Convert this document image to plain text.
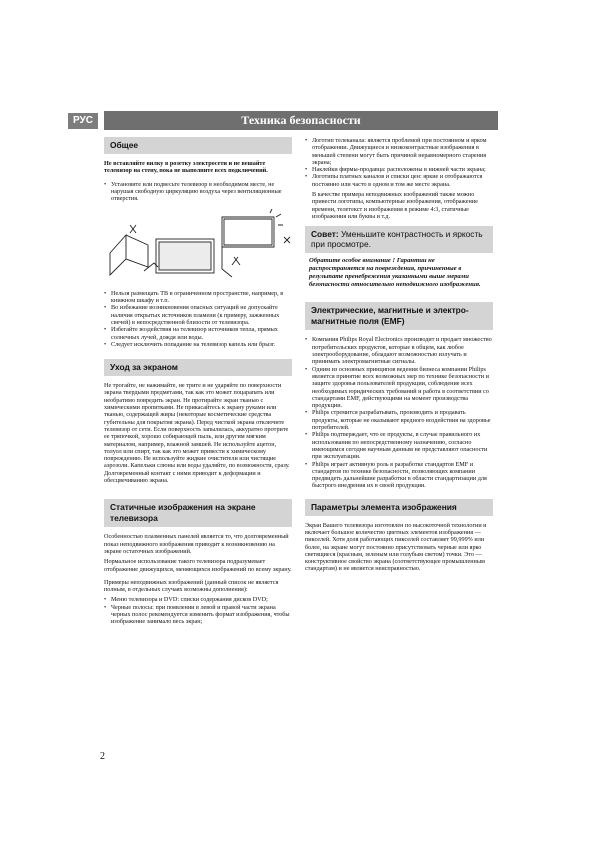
РУС	Техника безопасности
Общее

Не вставляйте вилку в розетку электросети и не вешайте телевизор на стену, пока не выполните всех подключений.

• Установите или подвесьте телевизор в необходимом месте, не нарушая свободную циркуляцию воздуха через вентиляционные отверстия.
• Нельзя размещать ТВ в ограниченном пространстве, например, в книжном шкафу и т.п.
• Во избежание возникновения опасных ситуаций не допускайте наличия открытых источников пламени (к примеру, зажженных свечей) в непосредственной близости от телевизора.
• Избегайте воздействия на телевизор источников тепла, прямых солнечных лучей, дождя или воды.
• Следует исключить попадание на телевизор капель или брызг.
Уход за экраном

Не трогайте, не нажимайте, не трите и не ударяйте по поверхности экрана твердыми предметами, так как это может поцарапать или необратимо повредить экран. Не протирайте экран тканью с химическими пропитками. Не прикасайтесь к экрану руками или тканью, содержащей жиры (некоторые косметические средства губительны для покрытия экрана). Перед чисткой экрана отключите телевизор от сети. Если поверхность запылилась, аккуратно протрите ее тряпочкой, хорошо собирающей пыль, или другим мягким материалом, например, влажной замшей. Не используйте ацетон, толуол или спирт, так как это может привести к химическому повреждению. Не используйте жидкие очистители или чистящие аэрозоли. Капельки слюны или воды удаляйте, по возможности, сразу. Долговременный контакт с ними приводит к деформации и обесцвечиванию экрана.

Статичные изображения на экране телевизора

Особенностью плазменных панелей является то, что долговременный показ неподвижного изображения приводит к возникновению на экране остаточных изображений.

Нормальное использование такого телевизора подразумевает отображение движущихся, меняющихся изображений по всему экрану.

Примеры неподвижных изображений (данный список не является полным, в отдельных случаях возможны дополнения):

• Меню телевизора и DVD: списки содержания дисков DVD;
• Черные полосы: при появлении в левой и правой части экрана черных полос рекомендуется изменить формат изображения, чтобы изображение занимало весь экран;
• Логотип телеканала: является проблемой при постоянном и ярком отображении. Движущиеся и низкоконтрастные изображения в меньшей степени могут быть причиной неравномерного старения экрана;
• Наклейки фирмы-продавца: расположены в нижней части экрана;
• Логотипы платных каналов и списки цен: яркие и отображаются постоянно или часто в одном и том же месте экрана.

В качестве примера неподвижных изображений также можно привести логотипы, компьютерные изображения, отображение времени, телетекст и изображения в режиме 4:3, статичные изображения или буквы и т.д.

Совет: Уменьшите контрастность и яркость при просмотре.

Обратите особое внимание ! Гарантии не распространяется на повреждения, причиненные в результате пренебрежения указанными выше мерами безопасности относительно неподвижного изображения.

Электрические, магнитные и электро-магнитные поля (EMF)
• Компания Philips Royal Electronics производит и продает множество потребительских продуктов, которые в общем, как любое электрооборудование, обладают возможностью излучать и принимать электромагнитные сигналы.
• Одним из основных принципов ведения бизнеса компании Philips является принятие всех возможных мер по технике безопасности и защите здоровья пользователей продукции, соблюдение всех необходимых юридических требований и работа в соответствии со стандартами EMF, действующими на момент производства продукции.
• Philips стремится разрабатывать, производить и продавать продукты, которые не оказывают вредного воздействия на здоровье потребителей.
• Philips подтверждает, что ее продукты, в случае правильного их использования по непосредственному назначению, согласно имеющимся сегодня научным данным не представляют опасности при эксплуатации.
• Philips играет активную роль в разработке стандартов EMF и стандартов по технике безопасности, позволяющих компании предвидеть дальнейшие разработки в области стандартизации для быстрого внедрения их в своей продукции.
Параметры элемента изображения

Экран Вашего телевизора изготовлен по высокоточной технологии и включает большое количество цветных элементов изображения — пикселей. Хотя доля работающих пикселей составляет 99,999% или более, на экране могут постоянно присутствовать черные или ярко светящиеся (красным, зеленым или голубым светом) точки. Это — конструктивное свойство экрана (соответствующее промышленным стандартам) и не является неисправностью.

2
